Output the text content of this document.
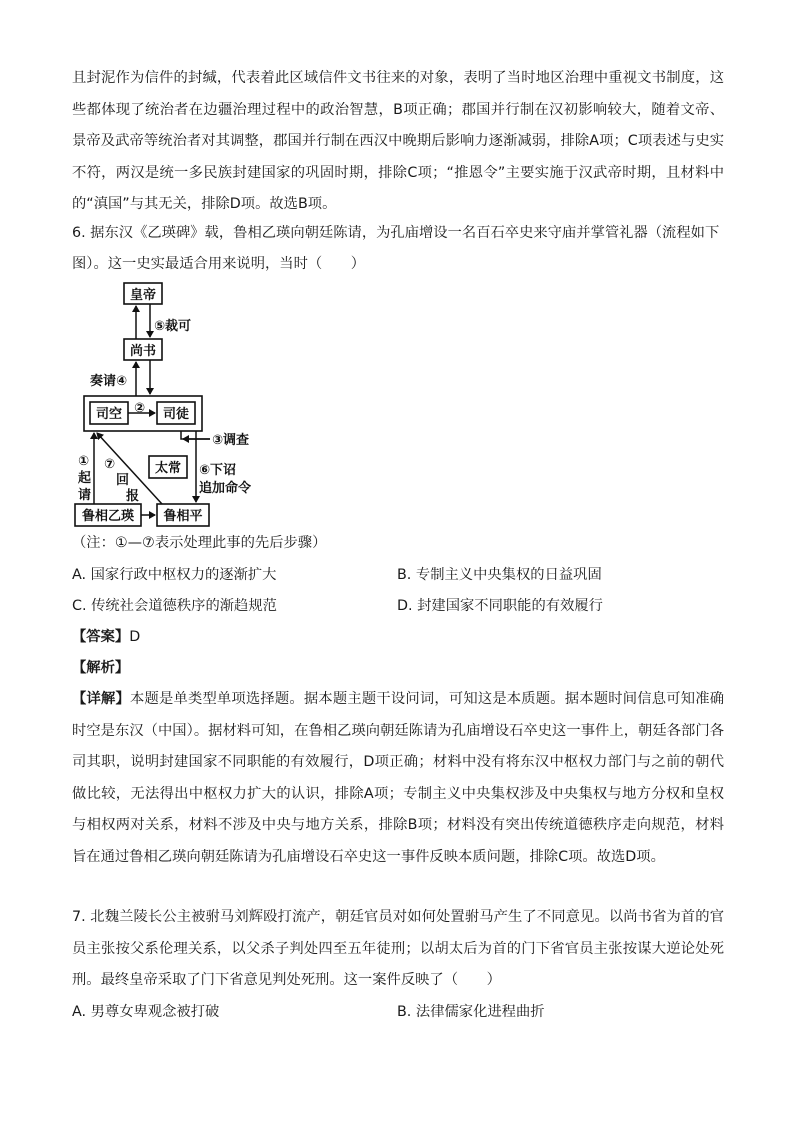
且封泥作为信件的封缄，代表着此区域信件文书往来的对象，表明了当时地区治理中重视文书制度，这些都体现了统治者在边疆治理过程中的政治智慧，B项正确；郡国并行制在汉初影响较大，随着文帝、景帝及武帝等统治者对其调整，郡国并行制在西汉中晚期后影响力逐渐减弱，排除A项；C项表述与史实不符，两汉是统一多民族封建国家的巩固时期，排除C项；“推恩令”主要实施于汉武帝时期，且材料中的“滇国”与其无关，排除D项。故选B项。

6. 据东汉《乙瑛碑》载，鲁相乙瑛向朝廷陈请，为孔庙增设一名百石卒史来守庙并掌管礼器（流程如下
图）。这一史实最适合用来说明，当时（　　）
皇帝
尚书
司空	司徒
太常
鲁相乙瑛 鲁相平
⑤裁可
奏请④
②
③调查
⑥下诏
追加命令
①
起
请
⑦
回
报
（注：①—⑦表示处理此事的先后步骤）
A. 国家行政中枢权力的逐渐扩大	B. 专制主义中央集权的日益巩固
C. 传统社会道德秩序的渐趋规范	D. 封建国家不同职能的有效履行
【答案】D
【解析】

【详解】本题是单类型单项选择题。据本题主题干设问词，可知这是本质题。据本题时间信息可知准确时空是东汉（中国）。据材料可知，在鲁相乙瑛向朝廷陈请为孔庙增设石卒史这一事件上，朝廷各部门各司其职，说明封建国家不同职能的有效履行，D项正确；材料中没有将东汉中枢权力部门与之前的朝代做比较，无法得出中枢权力扩大的认识，排除A项；专制主义中央集权涉及中央集权与地方分权和皇权与相权两对关系，材料不涉及中央与地方关系，排除B项；材料没有突出传统道德秩序走向规范，材料旨在通过鲁相乙瑛向朝廷陈请为孔庙增设石卒史这一事件反映本质问题，排除C项。故选D项。

7. 北魏兰陵长公主被驸马刘辉殴打流产，朝廷官员对如何处置驸马产生了不同意见。以尚书省为首的官员主张按父系伦理关系，以父杀子判处四至五年徒刑；以胡太后为首的门下省官员主张按谋大逆论处死刑。最终皇帝采取了门下省意见判处死刑。这一案件反映了（　　）

A. 男尊女卑观念被打破	B. 法律儒家化进程曲折
